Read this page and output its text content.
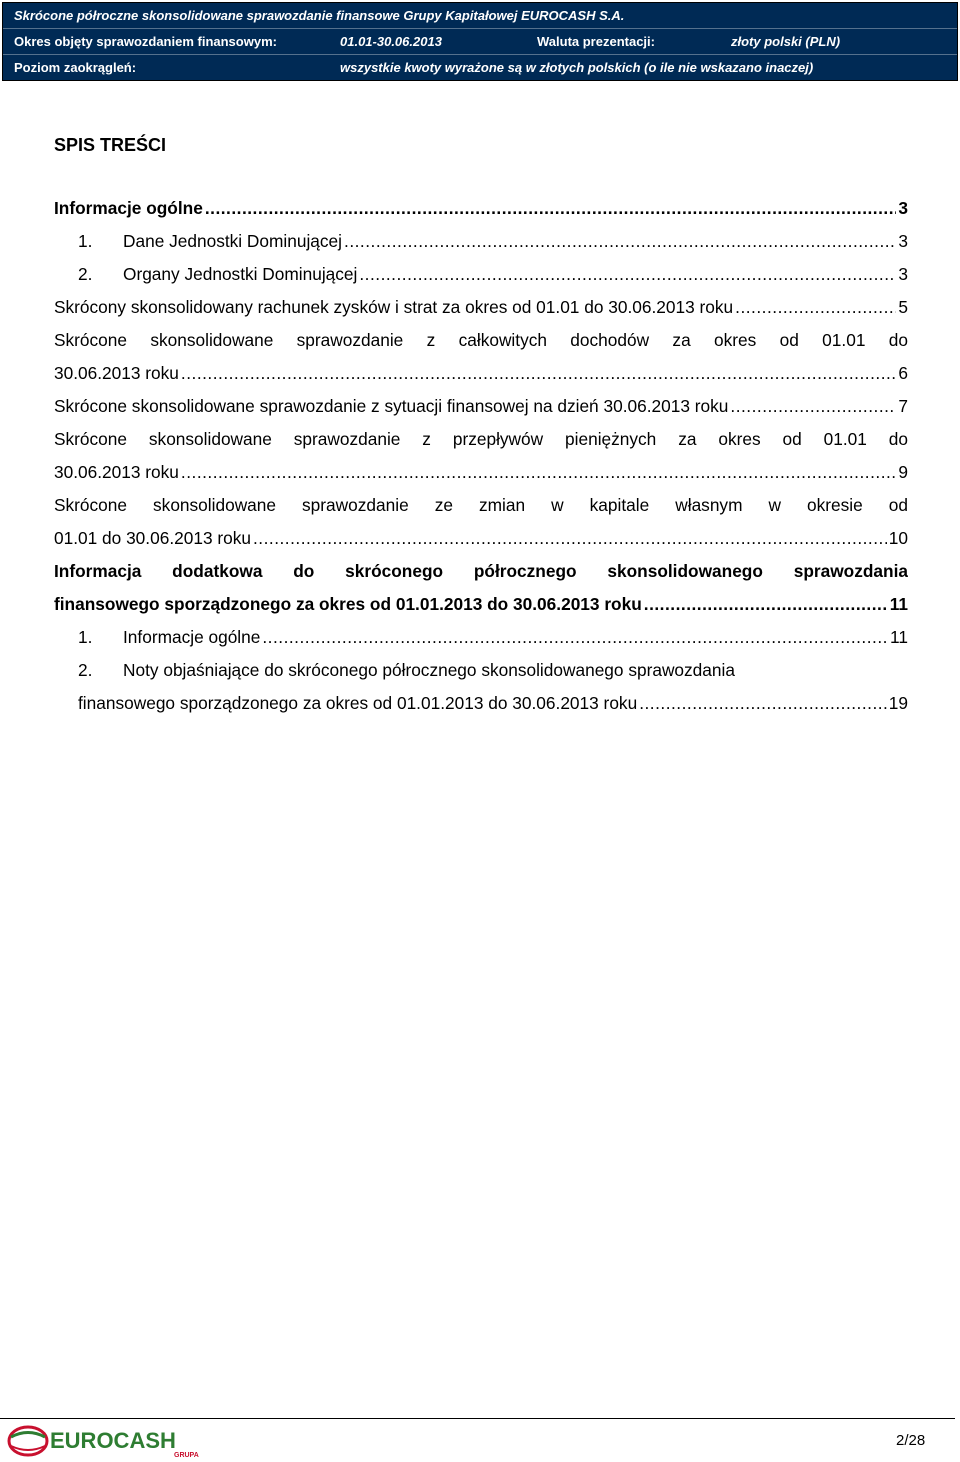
Skrócone półroczne skonsolidowane sprawozdanie finansowe Grupy Kapitałowej EUROCASH S.A.
Okres objęty sprawozdaniem finansowym:	01.01-30.06.2013	Waluta prezentacji:	złoty polski (PLN)
Poziom zaokrągleń:	wszystkie kwoty wyrażone są w złotych polskich (o ile nie wskazano inaczej)
SPIS TREŚCI
Informacje ogólne .....	3
1. Dane Jednostki Dominującej .....	3
2. Organy Jednostki Dominującej .....	3
Skrócony skonsolidowany rachunek zysków i strat za okres od 01.01 do 30.06.2013 roku .....	5
Skrócone skonsolidowane sprawozdanie z całkowitych dochodów za okres od 01.01 do
30.06.2013 roku .....	6
Skrócone skonsolidowane sprawozdanie z sytuacji finansowej na dzień 30.06.2013 roku .....	7
Skrócone skonsolidowane sprawozdanie z przepływów pieniężnych za okres od 01.01 do
30.06.2013 roku .....	9
Skrócone skonsolidowane sprawozdanie ze zmian w kapitale własnym w okresie od
01.01 do 30.06.2013 roku .....	10
Informacja dodatkowa do skróconego półrocznego skonsolidowanego sprawozdania
finansowego sporządzonego za okres od 01.01.2013 do 30.06.2013 roku .....	11
1. Informacje ogólne .....	11
2. Noty objaśniające do skróconego półrocznego skonsolidowanego sprawozdania
finansowego sporządzonego za okres od 01.01.2013 do 30.06.2013 roku .....	19
EUROCASH
GRUPA
2/28
